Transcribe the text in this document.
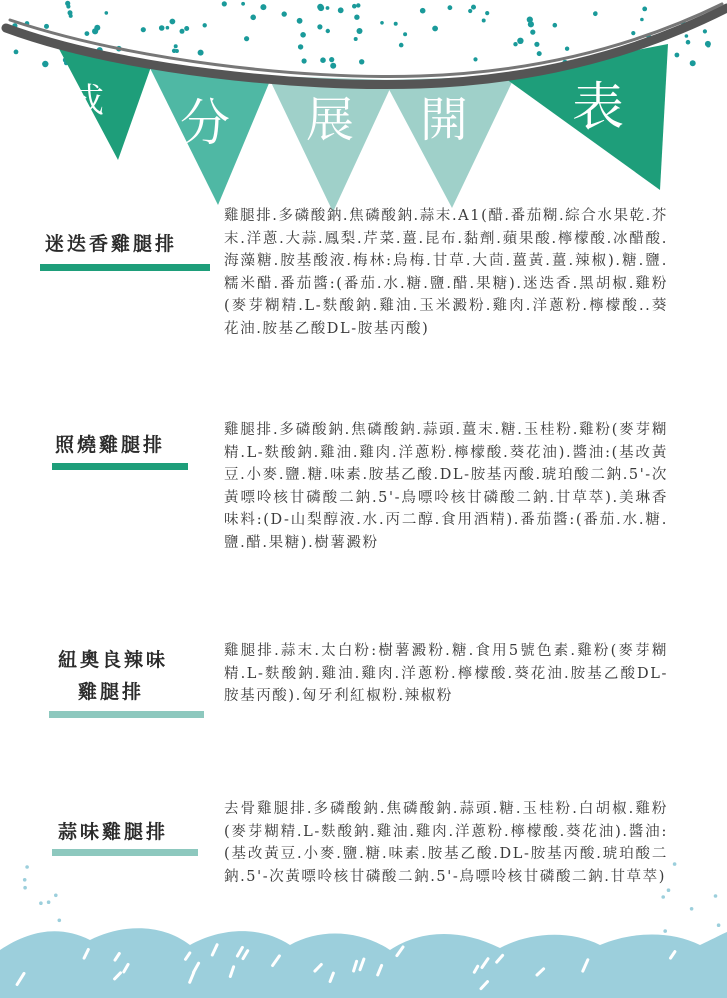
成 分 展 開 表
迷迭香雞腿排

雞腿排.多磷酸鈉.焦磷酸鈉.蒜末.A1(醋.番茄糊.綜合水果乾.芥末.洋蔥.大蒜.鳳梨.芹菜.薑.昆布.黏劑.蘋果酸.檸檬酸.冰醋酸.海藻糖.胺基酸液.梅林:烏梅.甘草.大茴.薑黃.薑.辣椒).糖.鹽.糯米醋.番茄醬:(番茄.水.糖.鹽.醋.果糖).迷迭香.黑胡椒.雞粉(麥芽糊精.L-麩酸鈉.雞油.玉米澱粉.雞肉.洋蔥粉.檸檬酸..葵花油.胺基乙酸DL-胺基丙酸)

照燒雞腿排

雞腿排.多磷酸鈉.焦磷酸鈉.蒜頭.薑末.糖.玉桂粉.雞粉(麥芽糊精.L-麩酸鈉.雞油.雞肉.洋蔥粉.檸檬酸.葵花油).醬油:(基改黃豆.小麥.鹽.糖.味素.胺基乙酸.DL-胺基丙酸.琥珀酸二鈉.5'-次黃嘌呤核甘磷酸二鈉.5'-鳥嘌呤核甘磷酸二鈉.甘草萃).美琳香味料:(D-山梨醇液.水.丙二醇.食用酒精).番茄醬:(番茄.水.糖.鹽.醋.果糖).樹薯澱粉

紐奧良辣味
雞腿排

雞腿排.蒜末.太白粉:樹薯澱粉.糖.食用5號色素.雞粉(麥芽糊精.L-麩酸鈉.雞油.雞肉.洋蔥粉.檸檬酸.葵花油.胺基乙酸DL-胺基丙酸).匈牙利紅椒粉.辣椒粉

蒜味雞腿排

去骨雞腿排.多磷酸鈉.焦磷酸鈉.蒜頭.糖.玉桂粉.白胡椒.雞粉(麥芽糊精.L-麩酸鈉.雞油.雞肉.洋蔥粉.檸檬酸.葵花油).醬油:(基改黃豆.小麥.鹽.糖.味素.胺基乙酸.DL-胺基丙酸.琥珀酸二鈉.5'-次黃嘌呤核甘磷酸二鈉.5'-鳥嘌呤核甘磷酸二鈉.甘草萃)
